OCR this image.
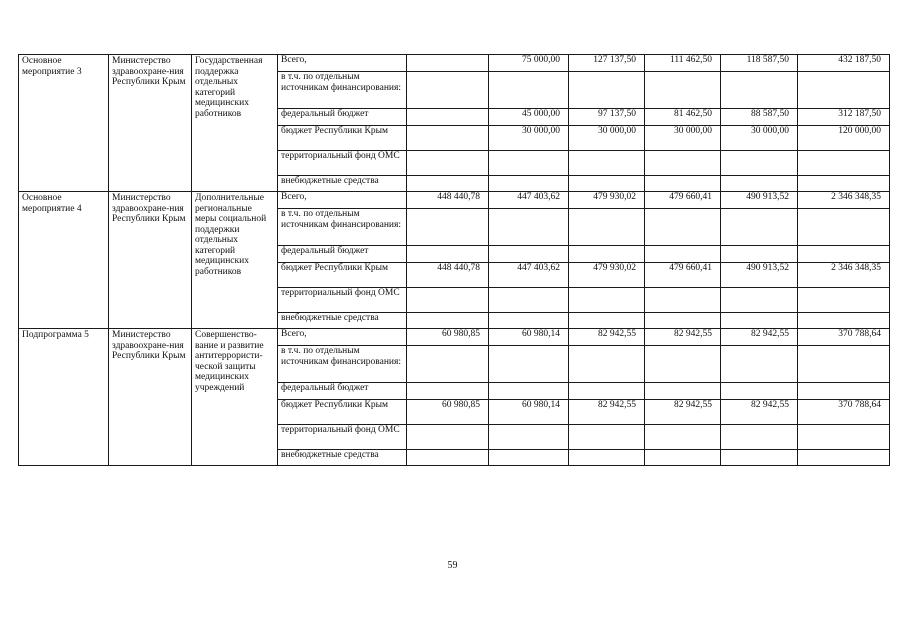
Основное мероприятие 3	Министерство здравоохране-ния Республики Крым	Государственная поддержка отдельных категорий медицинских работников	Всего,		75 000,00	127 137,50	111 462,50	118 587,50	432 187,50
			в т.ч. по отдельным источникам финансирования:						
			федеральный бюджет		45 000,00	97 137,50	81 462,50	88 587,50	312 187,50
			бюджет Республики Крым		30 000,00	30 000,00	30 000,00	30 000,00	120 000,00
			территориальный фонд ОМС						
			внебюджетные средства						
Основное мероприятие 4	Министерство здравоохране-ния Республики Крым	Дополнительные региональные меры социальной поддержки отдельных категорий медицинских работников	Всего,	448 440,78	447 403,62	479 930,02	479 660,41	490 913,52	2 346 348,35
			в т.ч. по отдельным источникам финансирования:						
			федеральный бюджет						
			бюджет Республики Крым	448 440,78	447 403,62	479 930,02	479 660,41	490 913,52	2 346 348,35
			территориальный фонд ОМС						
			внебюджетные средства						
Подпрограмма 5	Министерство здравоохране-ния Республики Крым	Совершенство-вание и развитие антитеррористи-ческой защиты медицинских учреждений	Всего,	60 980,85	60 980,14	82 942,55	82 942,55	82 942,55	370 788,64
			в т.ч. по отдельным источникам финансирования:						
			федеральный бюджет						
			бюджет Республики Крым	60 980,85	60 980,14	82 942,55	82 942,55	82 942,55	370 788,64
			территориальный фонд ОМС						
			внебюджетные средства						
59
